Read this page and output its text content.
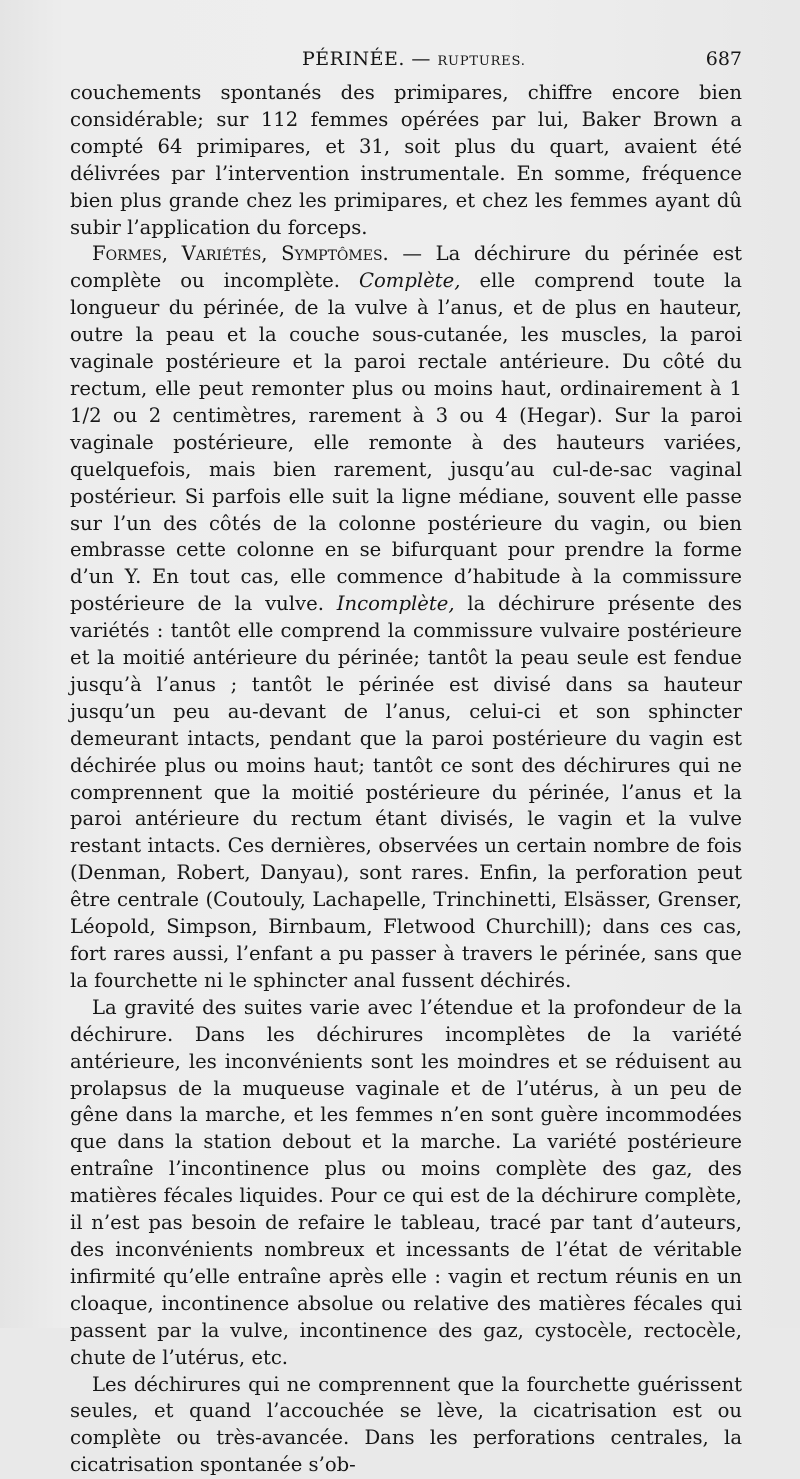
PÉRINÉE. — RUPTURES.	687

couchements spontanés des primipares, chiffre encore bien considérable; sur 112 femmes opérées par lui, Baker Brown a compté 64 primipares, et 31, soit plus du quart, avaient été délivrées par l’intervention instrumentale. En somme, fréquence bien plus grande chez les primipares, et chez les femmes ayant dû subir l’application du forceps.

Formes, Variétés, Symptômes. — La déchirure du périnée est complète ou incomplète. Complète, elle comprend toute la longueur du périnée, de la vulve à l’anus, et de plus en hauteur, outre la peau et la couche sous-cutanée, les muscles, la paroi vaginale postérieure et la paroi rectale antérieure. Du côté du rectum, elle peut remonter plus ou moins haut, ordinairement à 1 1/2 ou 2 centimètres, rarement à 3 ou 4 (Hegar). Sur la paroi vaginale postérieure, elle remonte à des hauteurs variées, quelquefois, mais bien rarement, jusqu’au cul-de-sac vaginal postérieur. Si parfois elle suit la ligne médiane, souvent elle passe sur l’un des côtés de la colonne postérieure du vagin, ou bien embrasse cette colonne en se bifurquant pour prendre la forme d’un Y. En tout cas, elle commence d’habitude à la commissure postérieure de la vulve. Incomplète, la déchirure présente des variétés : tantôt elle comprend la commissure vulvaire postérieure et la moitié antérieure du périnée; tantôt la peau seule est fendue jusqu’à l’anus ; tantôt le périnée est divisé dans sa hauteur jusqu’un peu au-devant de l’anus, celui-ci et son sphincter demeurant intacts, pendant que la paroi postérieure du vagin est déchirée plus ou moins haut; tantôt ce sont des déchirures qui ne comprennent que la moitié postérieure du périnée, l’anus et la paroi antérieure du rectum étant divisés, le vagin et la vulve restant intacts. Ces dernières, observées un certain nombre de fois (Denman, Robert, Danyau), sont rares. Enfin, la perforation peut être centrale (Coutouly, Lachapelle, Trinchinetti, Elsässer, Grenser, Léopold, Simpson, Birnbaum, Fletwood Churchill); dans ces cas, fort rares aussi, l’enfant a pu passer à travers le périnée, sans que la fourchette ni le sphincter anal fussent déchirés.

La gravité des suites varie avec l’étendue et la profondeur de la déchirure. Dans les déchirures incomplètes de la variété antérieure, les inconvénients sont les moindres et se réduisent au prolapsus de la muqueuse vaginale et de l’utérus, à un peu de gêne dans la marche, et les femmes n’en sont guère incommodées que dans la station debout et la marche. La variété postérieure entraîne l’incontinence plus ou moins complète des gaz, des matières fécales liquides. Pour ce qui est de la déchirure complète, il n’est pas besoin de refaire le tableau, tracé par tant d’auteurs, des inconvénients nombreux et incessants de l’état de véritable infirmité qu’elle entraîne après elle : vagin et rectum réunis en un cloaque, incontinence absolue ou relative des matières fécales qui passent par la vulve, incontinence des gaz, cystocèle, rectocèle, chute de l’utérus, etc.

Les déchirures qui ne comprennent que la fourchette guérissent seules, et quand l’accouchée se lève, la cicatrisation est ou complète ou très-avancée. Dans les perforations centrales, la cicatrisation spontanée s’ob-
